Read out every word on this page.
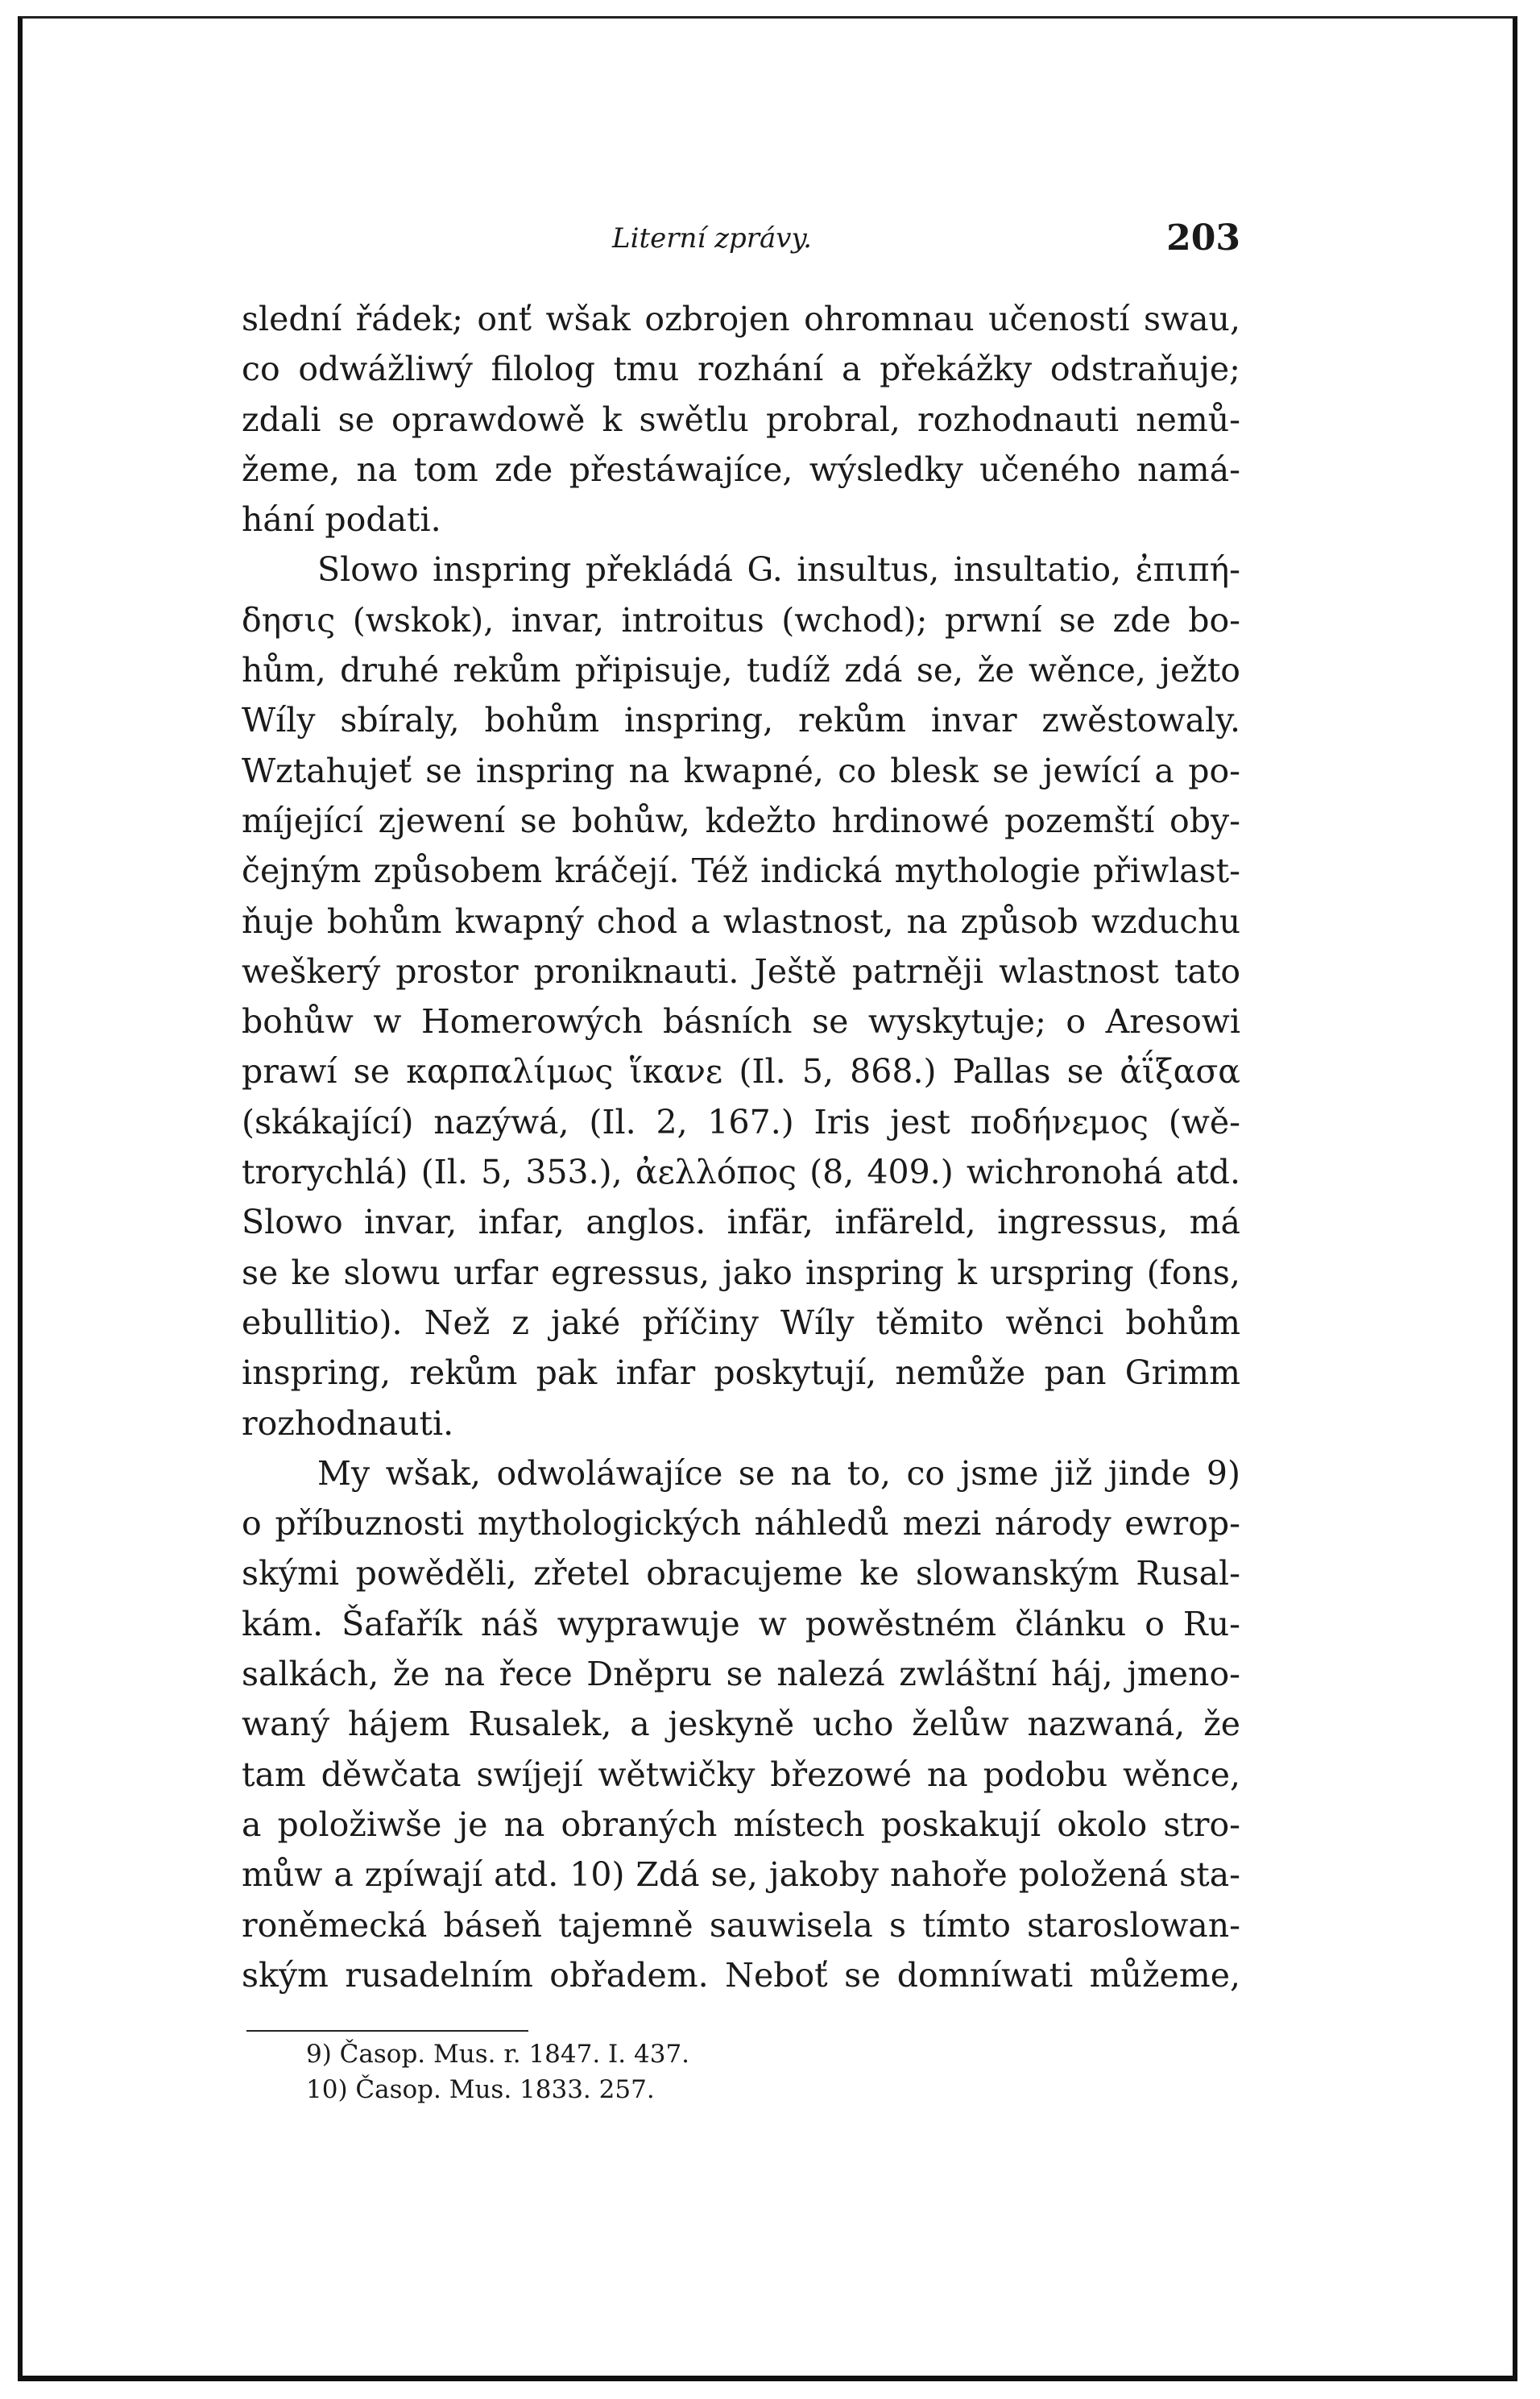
Literní zprávy.	203
slední řádek; onť wšak ozbrojen ohromnau učeností swau,
co odwážliwý filolog tmu rozhání a překážky odstraňuje;
zdali se oprawdowě k swětlu probral, rozhodnauti nemů-
žeme, na tom zde přestáwajíce, wýsledky učeného namá-
hání podati.
Slowo inspring překládá G. insultus, insultatio, ἐπιπή-
δησις (wskok), invar, introitus (wchod); prwní se zde bo-
hům, druhé rekům připisuje, tudíž zdá se, že wěnce, ježto
Wíly sbíraly, bohům inspring, rekům invar zwěstowaly.
Wztahujeť se inspring na kwapné, co blesk se jewící a po-
míjející zjewení se bohůw, kdežto hrdinowé pozemští oby-
čejným způsobem kráčejí. Též indická mythologie přiwlast-
ňuje bohům kwapný chod a wlastnost, na způsob wzduchu
weškerý prostor proniknauti. Ještě patrněji wlastnost tato
bohůw w Homerowých básních se wyskytuje; o Aresowi
prawí se καρπαλίμως ἵκανε (Il. 5, 868.) Pallas se ἀΐξασα
(skákající) nazýwá, (Il. 2, 167.) Iris jest ποδήνεμος (wě-
trorychlá) (Il. 5, 353.), ἀελλόπος (8, 409.) wichronohá atd.
Slowo invar, infar, anglos. infär, infäreld, ingressus, má
se ke slowu urfar egressus, jako inspring k urspring (fons,
ebullitio). Než z jaké příčiny Wíly těmito wěnci bohům
inspring, rekům pak infar poskytují, nemůže pan Grimm
rozhodnauti.
My wšak, odwoláwajíce se na to, co jsme již jinde 9)
o příbuznosti mythologických náhledů mezi národy ewrop-
skými powěděli, zřetel obracujeme ke slowanským Rusal-
kám. Šafařík náš wyprawuje w powěstném článku o Ru-
salkách, že na řece Dněpru se nalezá zwláštní háj, jmeno-
waný hájem Rusalek, a jeskyně ucho želůw nazwaná, že
tam děwčata swíjejí wětwičky březowé na podobu wěnce,
a položiwše je na obraných místech poskakují okolo stro-
můw a zpíwají atd. 10) Zdá se, jakoby nahoře položená sta-
roněmecká báseň tajemně sauwisela s tímto staroslowan-
ským rusadelním obřadem. Neboť se domníwati můžeme,
9) Časop. Mus. r. 1847. I. 437.
10) Časop. Mus. 1833. 257.
